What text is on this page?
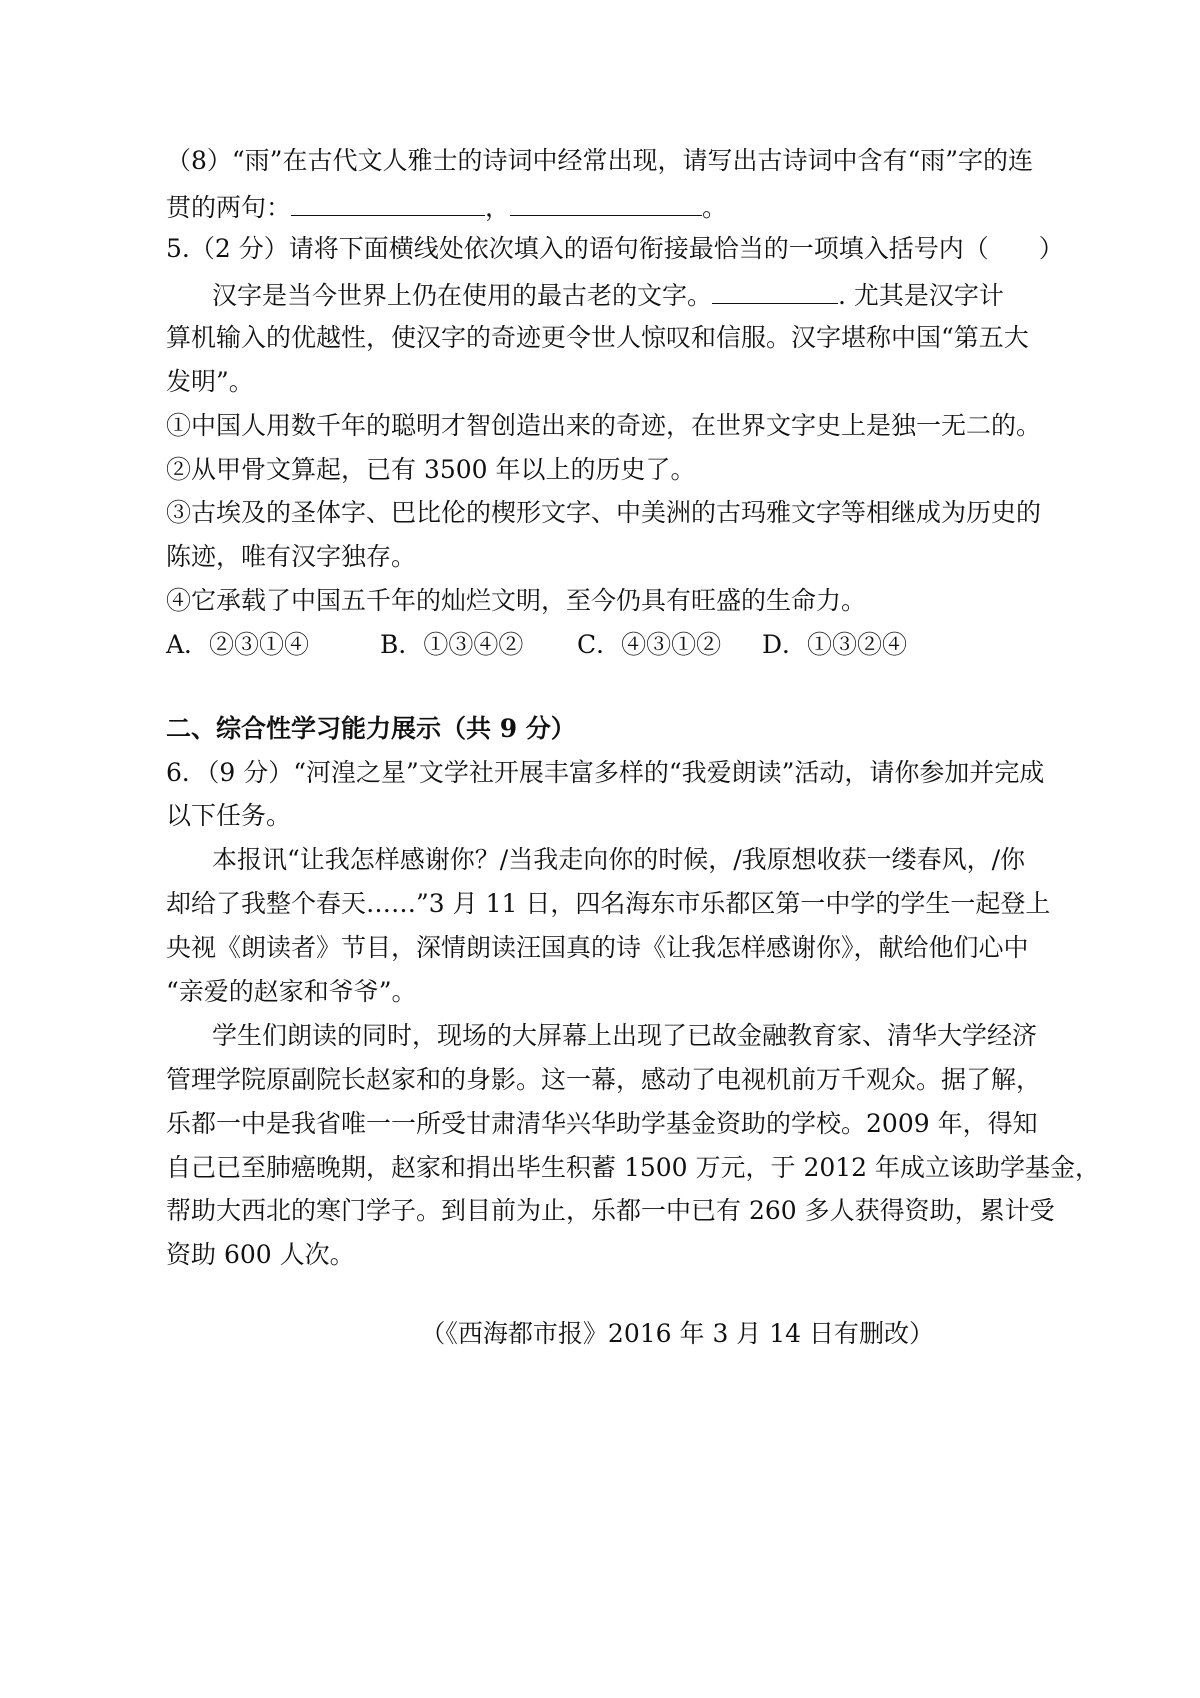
（8）“雨”在古代文人雅士的诗词中经常出现，请写出古诗词中含有“雨”字的连
贯的两句：	，	。
5.（2 分）请将下面横线处依次填入的语句衔接最恰当的一项填入括号内（　　）
汉字是当今世界上仍在使用的最古老的文字。	. 尤其是汉字计
算机输入的优越性，使汉字的奇迹更令世人惊叹和信服。汉字堪称中国“第五大
发明”。
①中国人用数千年的聪明才智创造出来的奇迹，在世界文字史上是独一无二的。
②从甲骨文算起，已有 3500 年以上的历史了。
③古埃及的圣体字、巴比伦的楔形文字、中美洲的古玛雅文字等相继成为历史的
陈迹，唯有汉字独存。
④它承载了中国五千年的灿烂文明，至今仍具有旺盛的生命力。
A．②③①④	B．①③④② C．④③①② D．①③②④
二、综合性学习能力展示（共 9 分）
6．（9 分）“河湟之星”文学社开展丰富多样的“我爱朗读”活动，请你参加并完成
以下任务。
本报讯“让我怎样感谢你？/当我走向你的时候，/我原想收获一缕春风，/你
却给了我整个春天……”3 月 11 日，四名海东市乐都区第一中学的学生一起登上
央视《朗读者》节目，深情朗读汪国真的诗《让我怎样感谢你》，献给他们心中
“亲爱的赵家和爷爷”。
学生们朗读的同时，现场的大屏幕上出现了已故金融教育家、清华大学经济
管理学院原副院长赵家和的身影。这一幕，感动了电视机前万千观众。据了解，
乐都一中是我省唯一一所受甘肃清华兴华助学基金资助的学校。2009 年，得知
自己已至肺癌晚期，赵家和捐出毕生积蓄 1500 万元，于 2012 年成立该助学基金，
帮助大西北的寒门学子。到目前为止，乐都一中已有 260 多人获得资助，累计受
资助 600 人次。
（《西海都市报》2016 年 3 月 14 日有删改）
